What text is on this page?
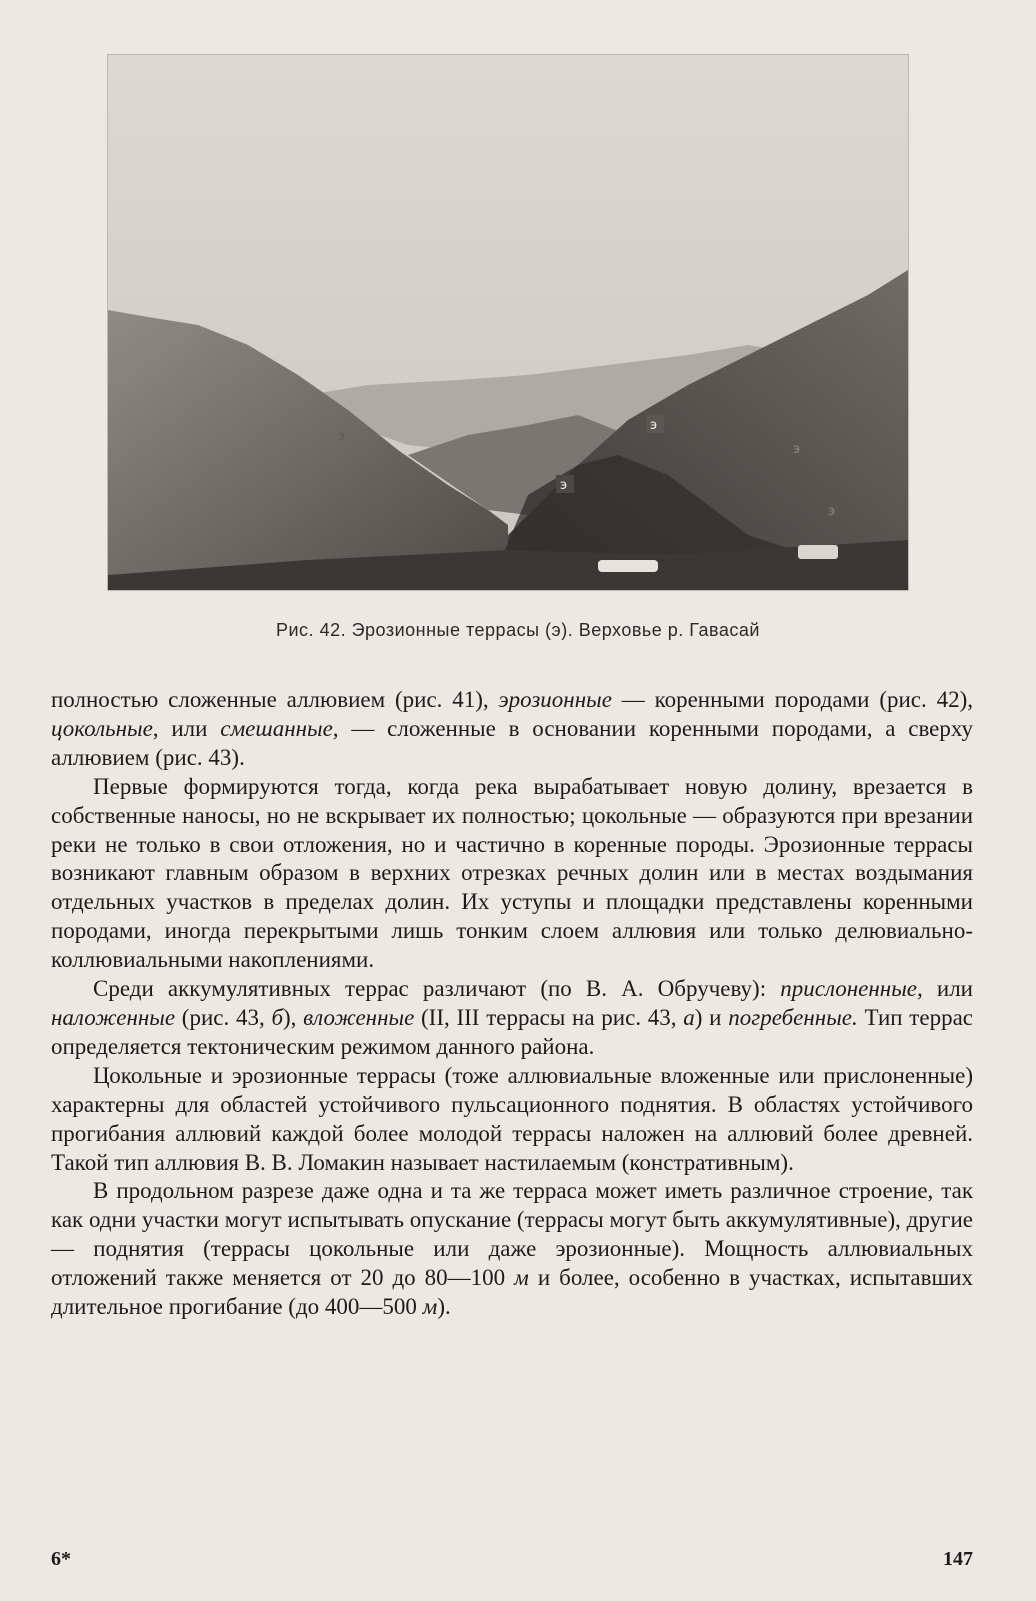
э
э
э
э
э
Рис. 42. Эрозионные террасы (э). Верховье р. Гавасай

полностью сложенные аллювием (рис. 41), эрозионные — коренными породами (рис. 42), цокольные, или смешанные, — сложенные в основании коренными породами, а сверху аллювием (рис. 43).

Первые формируются тогда, когда река вырабатывает новую долину, врезается в собственные наносы, но не вскрывает их полностью; цокольные — образуются при врезании реки не только в свои отложения, но и частично в коренные породы. Эрозионные террасы возникают главным образом в верхних отрезках речных долин или в местах воздымания отдельных участков в пределах долин. Их уступы и площадки представлены коренными породами, иногда перекрытыми лишь тонким слоем аллювия или только делювиально-коллювиальными накоплениями.

Среди аккумулятивных террас различают (по В. А. Обручеву): прислоненные, или наложенные (рис. 43, б), вложенные (II, III террасы на рис. 43, а) и погребенные. Тип террас определяется тектоническим режимом данного района.

Цокольные и эрозионные террасы (тоже аллювиальные вложенные или прислоненные) характерны для областей устойчивого пульсационного поднятия. В областях устойчивого прогибания аллювий каждой более молодой террасы наложен на аллювий более древней. Такой тип аллювия В. В. Ломакин называет настилаемым (констративным).

В продольном разрезе даже одна и та же терраса может иметь различное строение, так как одни участки могут испытывать опускание (террасы могут быть аккумулятивные), другие — поднятия (террасы цокольные или даже эрозионные). Мощность аллювиальных отложений также меняется от 20 до 80—100 м и более, особенно в участках, испытавших длительное прогибание (до 400—500 м).

6*	147
